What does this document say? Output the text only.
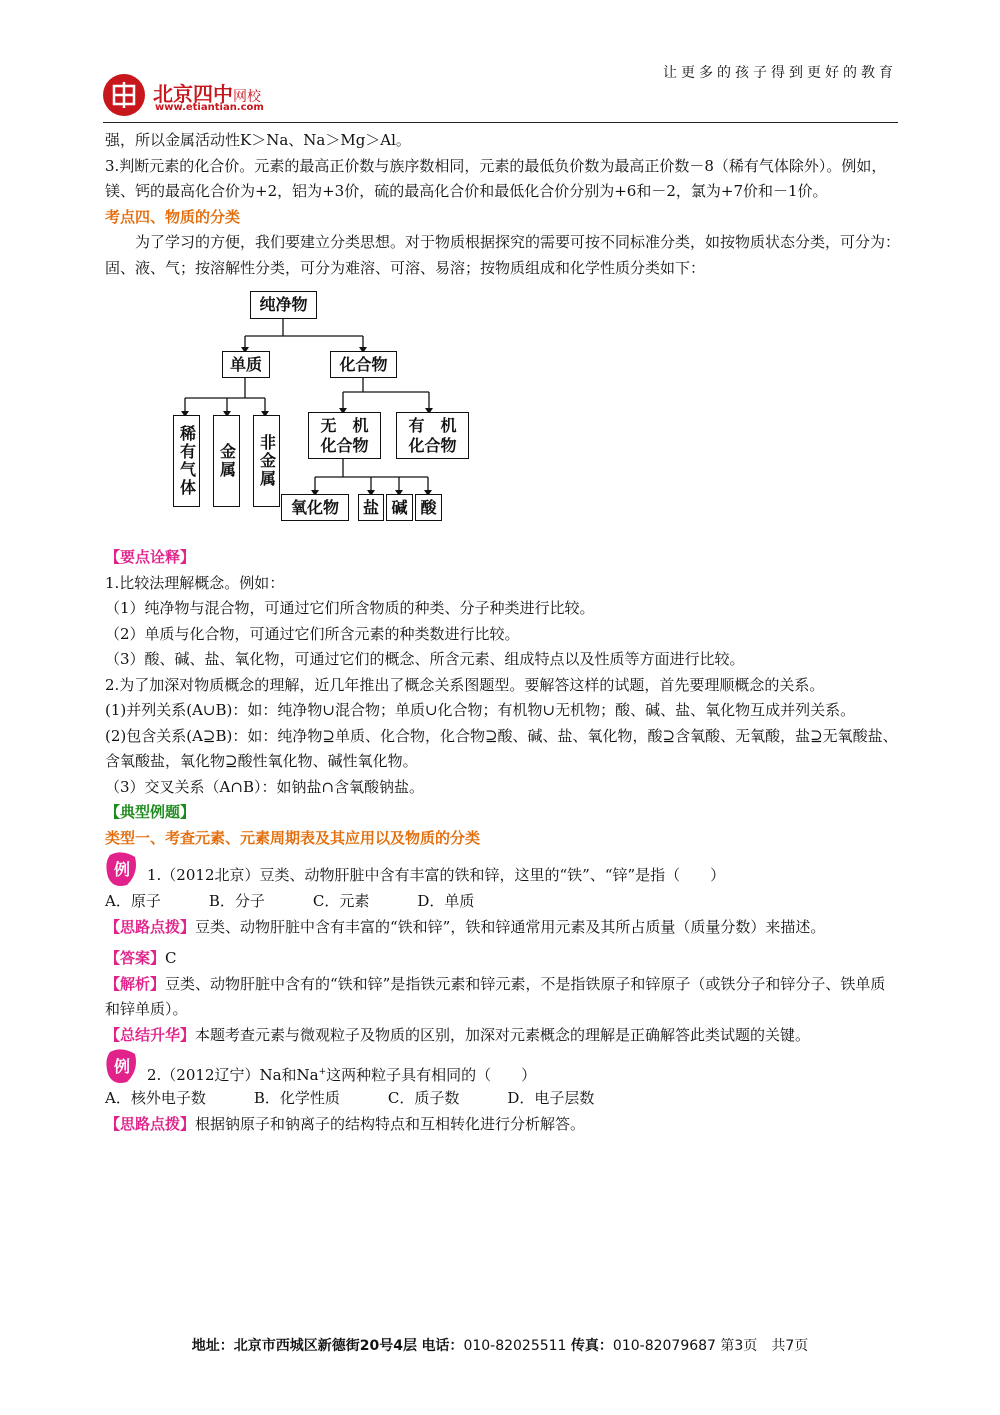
让更多的孩子得到更好的教育
北京四中网校
www.etiantian.com

强，所以金属活动性K＞Na、Na＞Mg＞Al。

3.判断元素的化合价。元素的最高正价数与族序数相同，元素的最低负价数为最高正价数－8（稀有气体除外）。例如，镁、钙的最高化合价为+2，铝为+3价，硫的最高化合价和最低化合价分别为+6和－2，氯为+7价和－1价。

考点四、物质的分类

为了学习的方便，我们要建立分类思想。对于物质根据探究的需要可按不同标准分类，如按物质状态分类，可分为：固、液、气；按溶解性分类，可分为难溶、可溶、易溶；按物质组成和化学性质分类如下：

纯净物
单质	化合物
稀有气体 金属 非金属
无　机
化合物
有　机
化合物
氧化物	盐 碱 酸

【要点诠释】

1.比较法理解概念。例如：

（1）纯净物与混合物，可通过它们所含物质的种类、分子种类进行比较。

（2）单质与化合物，可通过它们所含元素的种类数进行比较。

（3）酸、碱、盐、氧化物，可通过它们的概念、所含元素、组成特点以及性质等方面进行比较。

2.为了加深对物质概念的理解，近几年推出了概念关系图题型。要解答这样的试题，首先要理顺概念的关系。

(1)并列关系(A∪B)：如：纯净物∪混合物；单质∪化合物；有机物∪无机物；酸、碱、盐、氧化物互成并列关系。

(2)包含关系(A⊇B)：如：纯净物⊇单质、化合物，化合物⊇酸、碱、盐、氧化物，酸⊇含氧酸、无氧酸，盐⊇无氧酸盐、含氧酸盐，氧化物⊇酸性氧化物、碱性氧化物。

（3）交叉关系（A∩B）：如钠盐∩含氧酸钠盐。

【典型例题】

类型一、考查元素、元素周期表及其应用以及物质的分类

例 1.（2012北京）豆类、动物肝脏中含有丰富的铁和锌，这里的“铁”、“锌”是指（　　）
A．原子	B．分子	C．元素	D．单质

【思路点拨】豆类、动物肝脏中含有丰富的“铁和锌”，铁和锌通常用元素及其所占质量（质量分数）来描述。

【答案】C

【解析】豆类、动物肝脏中含有的“铁和锌”是指铁元素和锌元素，不是指铁原子和锌原子（或铁分子和锌分子、铁单质和锌单质）。

【总结升华】本题考查元素与微观粒子及物质的区别，加深对元素概念的理解是正确解答此类试题的关键。

例 2.（2012辽宁）Na和Na+这两种粒子具有相同的（　　）
A．核外电子数	B．化学性质	C．质子数	D．电子层数

【思路点拨】根据钠原子和钠离子的结构特点和互相转化进行分析解答。

地址：北京市西城区新德街20号4层 电话：010-82025511 传真：010-82079687 第3页　共7页
